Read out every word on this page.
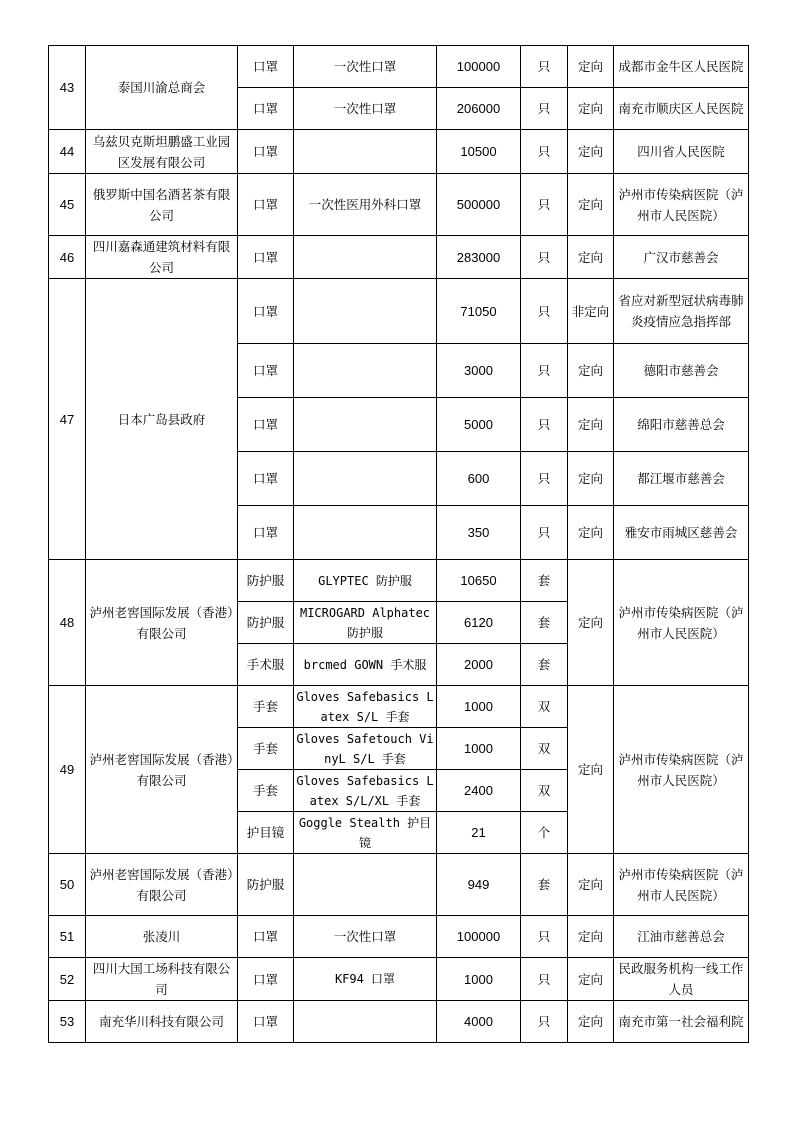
43	泰国川渝总商会	口罩	一次性口罩	100000	只	定向	成都市金牛区人民医院
		口罩	一次性口罩	206000	只	定向	南充市顺庆区人民医院
44	乌兹贝克斯坦鹏盛工业园区发展有限公司	口罩		10500	只	定向	四川省人民医院
45	俄罗斯中国名酒茗茶有限公司	口罩	一次性医用外科口罩	500000	只	定向	泸州市传染病医院（泸州市人民医院）
46	四川嘉森通建筑材料有限公司	口罩		283000	只	定向	广汉市慈善会
47	日本广岛县政府	口罩		71050	只	非定向	省应对新型冠状病毒肺炎疫情应急指挥部
		口罩		3000	只	定向	德阳市慈善会
		口罩		5000	只	定向	绵阳市慈善总会
		口罩		600	只	定向	都江堰市慈善会
		口罩		350	只	定向	雅安市雨城区慈善会
48	泸州老窖国际发展（香港）有限公司	防护服	GLYPTEC 防护服	10650	套	定向	泸州市传染病医院（泸州市人民医院）
		防护服	MICROGARD Alphatec 防护服	6120	套		
		手术服	brcmed GOWN 手术服	2000	套		
49	泸州老窖国际发展（香港）有限公司	手套	Gloves Safebasics Latex S/L 手套	1000	双	定向	泸州市传染病医院（泸州市人民医院）
		手套	Gloves Safetouch VinyL S/L 手套	1000	双		
		手套	Gloves Safebasics Latex S/L/XL 手套	2400	双		
		护目镜	Goggle Stealth 护目镜	21	个		
50	泸州老窖国际发展（香港）有限公司	防护服		949	套	定向	泸州市传染病医院（泸州市人民医院）
51	张凌川	口罩	一次性口罩	100000	只	定向	江油市慈善总会
52	四川大国工场科技有限公司	口罩	KF94 口罩	1000	只	定向	民政服务机构一线工作人员
53	南充华川科技有限公司	口罩		4000	只	定向	南充市第一社会福利院
